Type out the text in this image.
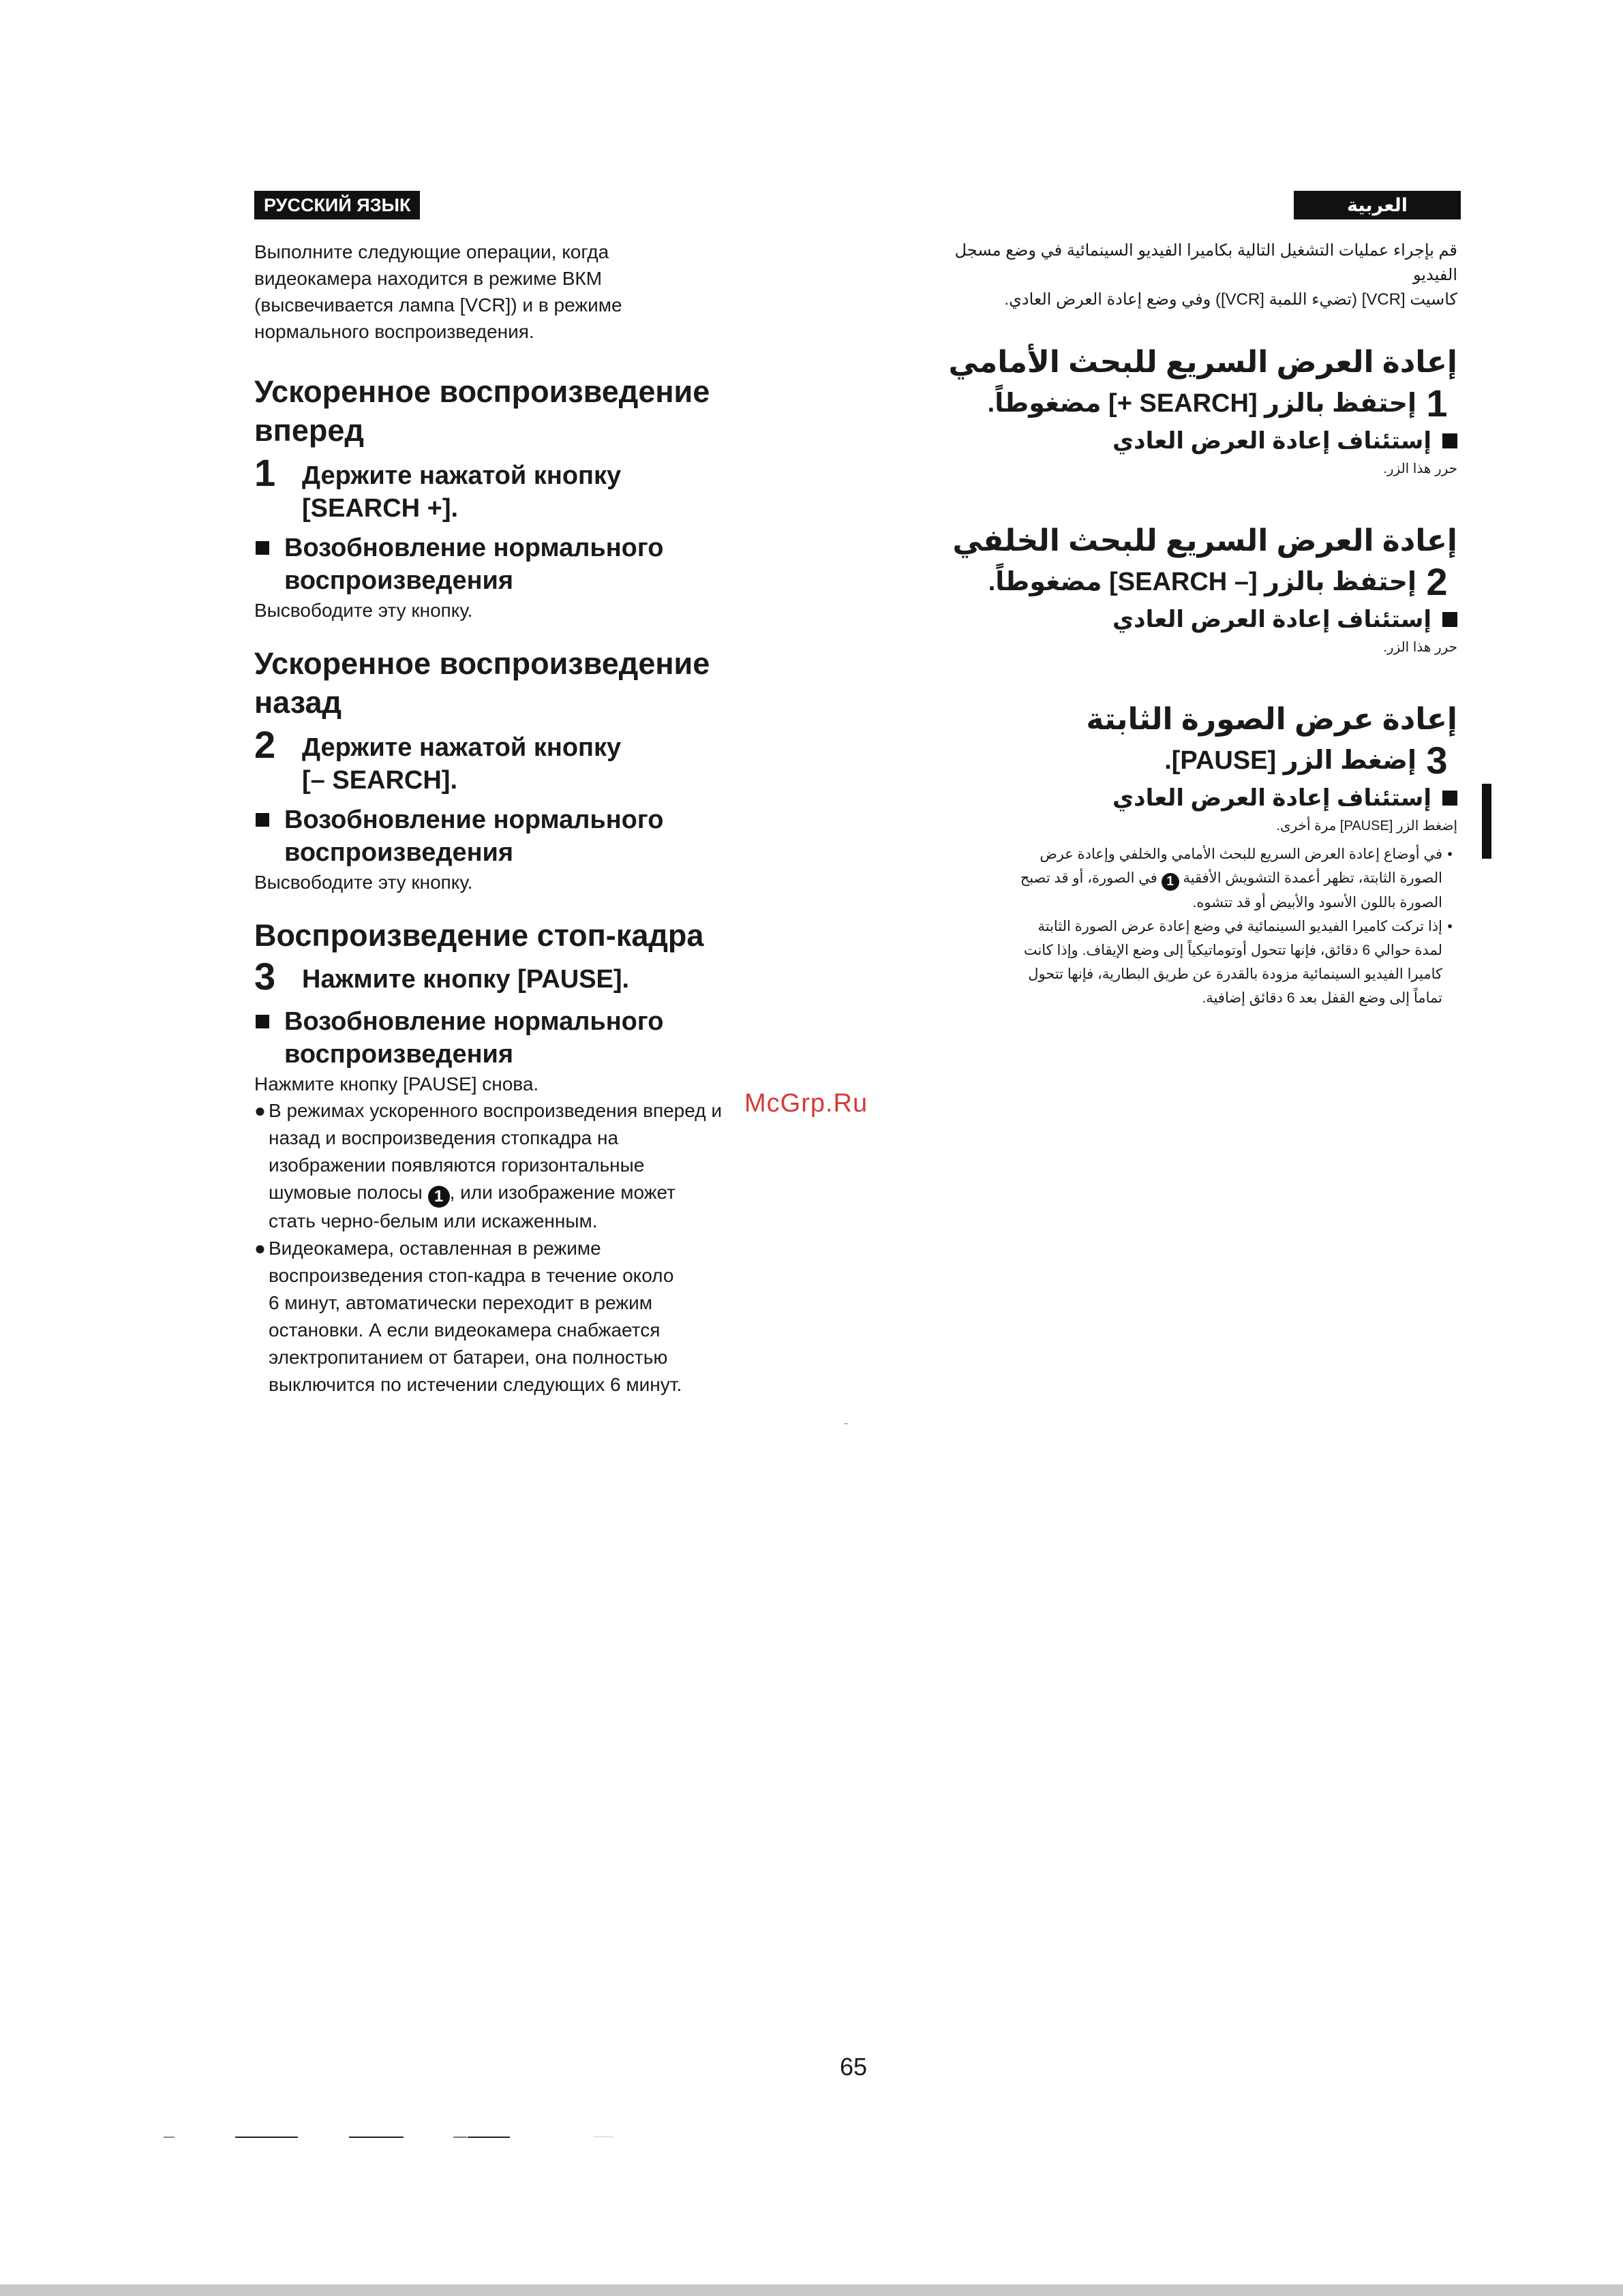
РУССКИЙ ЯЗЫК	العربية

Выполните следующие операции, когда

видеокамера находится в режиме ВКМ

(высвечивается лампа [VCR]) и в режиме

нормального воспроизведения.

Ускоренное воспроизведение

вперед

1	Держите нажатой кнопку
[SEARCH +].
Возобновление нормального
воспроизведения

Высвободите эту кнопку.

Ускоренное воспроизведение

назад

2	Держите нажатой кнопку
[– SEARCH].
Возобновление нормального
воспроизведения

Высвободите эту кнопку.

Воспроизведение стоп-кадра

3	Нажмите кнопку [PAUSE].
Возобновление нормального
воспроизведения

Нажмите кнопку [PAUSE] снова.

● В режимах ускоренного воспроизведения вперед и
назад и воспроизведения стопкадра на
изображении появляются горизонтальные
шумовые полосы 1 , или изображение может
стать черно-белым или искаженным.
● Видеокамера, оставленная в режиме
воспроизведения стоп-кадра в течение около
6 минут, автоматически переходит в режим
остановки. А если видеокамера снабжается
электропитанием от батареи, она полностью
выключится по истечении следующих 6 минут.
McGrp.Ru

قم بإجراء عمليات التشغيل التالية بكاميرا الفيديو السينمائية في وضع مسجل الفيديو

كاسيت [VCR] (تضيء اللمبة [VCR]) وفي وضع إعادة العرض العادي.

إعادة العرض السريع للبحث الأمامي

1
إحتفظ بالزر [SEARCH +] مضغوطاً.
إستئناف إعادة العرض العادي

حرر هذا الزر.

إعادة العرض السريع للبحث الخلفي

2
إحتفظ بالزر [– SEARCH] مضغوطاً.
إستئناف إعادة العرض العادي

حرر هذا الزر.

إعادة عرض الصورة الثابتة

3
إضغط الزر [PAUSE].
إستئناف إعادة العرض العادي

إضغط الزر [PAUSE] مرة أخرى.

•
في أوضاع إعادة العرض السريع للبحث الأمامي والخلفي وإعادة عرض
الصورة الثابتة، تظهر أعمدة التشويش الأفقية 1 في الصورة، أو قد تصبح
الصورة باللون الأسود والأبيض أو قد تتشوه.
•
إذا تركت كاميرا الفيديو السينمائية في وضع إعادة عرض الصورة الثابتة
لمدة حوالي 6 دقائق، فإنها تتحول أوتوماتيكياً إلى وضع الإيقاف. وإذا كانت
كاميرا الفيديو السينمائية مزودة بالقدرة عن طريق البطارية، فإنها تتحول
تماماً إلى وضع القفل بعد 6 دقائق إضافية.
65
